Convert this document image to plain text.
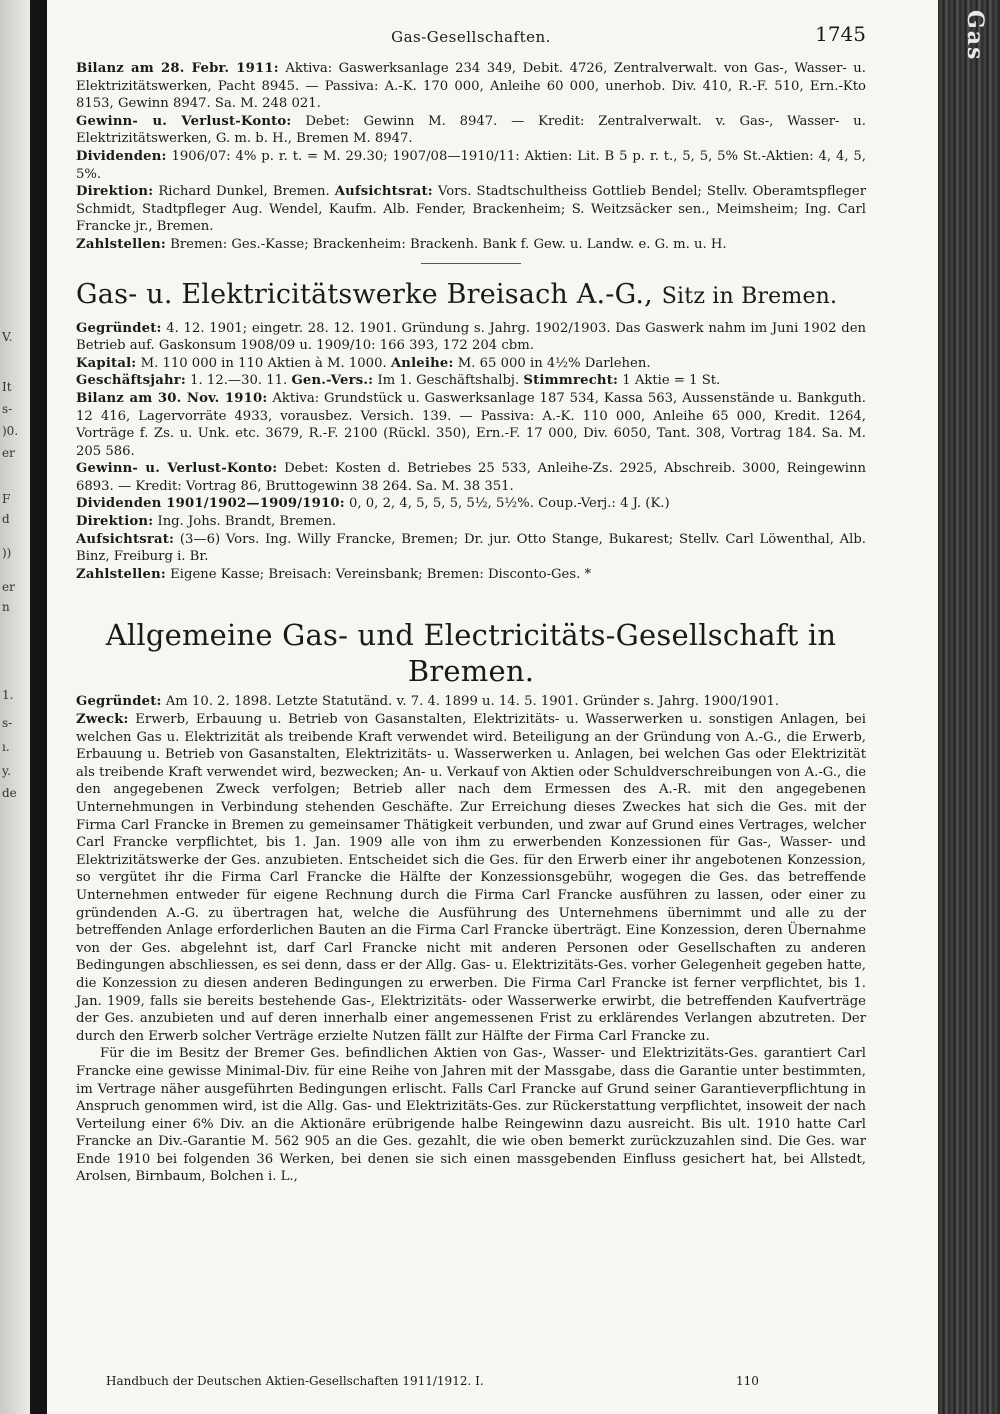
V.
It
s-
)0.
er
F
d
))
er
n
1.
s-
ı.
y.
de
Gas
Gas-Gesellschaften.	1745

Bilanz am 28. Febr. 1911: Aktiva: Gaswerksanlage 234 349, Debit. 4726, Zentralverwalt. von Gas-, Wasser- u. Elektrizitätswerken, Pacht 8945. — Passiva: A.-K. 170 000, Anleihe 60 000, unerhob. Div. 410, R.-F. 510, Ern.-Kto 8153, Gewinn 8947. Sa. M. 248 021.

Gewinn- u. Verlust-Konto: Debet: Gewinn M. 8947. — Kredit: Zentralverwalt. v. Gas-, Wasser- u. Elektrizitätswerken, G. m. b. H., Bremen M. 8947.

Dividenden: 1906/07: 4% p. r. t. = M. 29.30; 1907/08—1910/11: Aktien: Lit. B 5 p. r. t., 5, 5, 5% St.-Aktien: 4, 4, 5, 5%.

Direktion: Richard Dunkel, Bremen. Aufsichtsrat: Vors. Stadtschultheiss Gottlieb Bendel; Stellv. Oberamtspfleger Schmidt, Stadtpfleger Aug. Wendel, Kaufm. Alb. Fender, Brackenheim; S. Weitzsäcker sen., Meimsheim; Ing. Carl Francke jr., Bremen.

Zahlstellen: Bremen: Ges.-Kasse; Brackenheim: Brackenh. Bank f. Gew. u. Landw. e. G. m. u. H.

Gas- u. Elektricitätswerke Breisach A.-G., Sitz in Bremen.

Gegründet: 4. 12. 1901; eingetr. 28. 12. 1901. Gründung s. Jahrg. 1902/1903. Das Gaswerk nahm im Juni 1902 den Betrieb auf. Gaskonsum 1908/09 u. 1909/10: 166 393, 172 204 cbm.

Kapital: M. 110 000 in 110 Aktien à M. 1000. Anleihe: M. 65 000 in 4½% Darlehen.

Geschäftsjahr: 1. 12.—30. 11. Gen.-Vers.: Im 1. Geschäftshalbj. Stimmrecht: 1 Aktie = 1 St.

Bilanz am 30. Nov. 1910: Aktiva: Grundstück u. Gaswerksanlage 187 534, Kassa 563, Aussenstände u. Bankguth. 12 416, Lagervorräte 4933, vorausbez. Versich. 139. — Passiva: A.-K. 110 000, Anleihe 65 000, Kredit. 1264, Vorträge f. Zs. u. Unk. etc. 3679, R.-F. 2100 (Rückl. 350), Ern.-F. 17 000, Div. 6050, Tant. 308, Vortrag 184. Sa. M. 205 586.

Gewinn- u. Verlust-Konto: Debet: Kosten d. Betriebes 25 533, Anleihe-Zs. 2925, Abschreib. 3000, Reingewinn 6893. — Kredit: Vortrag 86, Bruttogewinn 38 264. Sa. M. 38 351.

Dividenden 1901/1902—1909/1910: 0, 0, 2, 4, 5, 5, 5, 5½, 5½%. Coup.-Verj.: 4 J. (K.)

Direktion: Ing. Johs. Brandt, Bremen.

Aufsichtsrat: (3—6) Vors. Ing. Willy Francke, Bremen; Dr. jur. Otto Stange, Bukarest; Stellv. Carl Löwenthal, Alb. Binz, Freiburg i. Br.

Zahlstellen: Eigene Kasse; Breisach: Vereinsbank; Bremen: Disconto-Ges. *

Allgemeine Gas- und Electricitäts-Gesellschaft in Bremen.

Gegründet: Am 10. 2. 1898. Letzte Statutänd. v. 7. 4. 1899 u. 14. 5. 1901. Gründer s. Jahrg. 1900/1901.

Zweck: Erwerb, Erbauung u. Betrieb von Gasanstalten, Elektrizitäts- u. Wasserwerken u. sonstigen Anlagen, bei welchen Gas u. Elektrizität als treibende Kraft verwendet wird. Beteiligung an der Gründung von A.-G., die Erwerb, Erbauung u. Betrieb von Gasanstalten, Elektrizitäts- u. Wasserwerken u. Anlagen, bei welchen Gas oder Elektrizität als treibende Kraft verwendet wird, bezwecken; An- u. Verkauf von Aktien oder Schuldverschreibungen von A.-G., die den angegebenen Zweck verfolgen; Betrieb aller nach dem Ermessen des A.-R. mit den angegebenen Unternehmungen in Verbindung stehenden Geschäfte. Zur Erreichung dieses Zweckes hat sich die Ges. mit der Firma Carl Francke in Bremen zu gemeinsamer Thätigkeit verbunden, und zwar auf Grund eines Vertrages, welcher Carl Francke verpflichtet, bis 1. Jan. 1909 alle von ihm zu erwerbenden Konzessionen für Gas-, Wasser- und Elektrizitätswerke der Ges. anzubieten. Entscheidet sich die Ges. für den Erwerb einer ihr angebotenen Konzession, so vergütet ihr die Firma Carl Francke die Hälfte der Konzessionsgebühr, wogegen die Ges. das betreffende Unternehmen entweder für eigene Rechnung durch die Firma Carl Francke ausführen zu lassen, oder einer zu gründenden A.-G. zu übertragen hat, welche die Ausführung des Unternehmens übernimmt und alle zu der betreffenden Anlage erforderlichen Bauten an die Firma Carl Francke überträgt. Eine Konzession, deren Übernahme von der Ges. abgelehnt ist, darf Carl Francke nicht mit anderen Personen oder Gesellschaften zu anderen Bedingungen abschliessen, es sei denn, dass er der Allg. Gas- u. Elektrizitäts-Ges. vorher Gelegenheit gegeben hatte, die Konzession zu diesen anderen Bedingungen zu erwerben. Die Firma Carl Francke ist ferner verpflichtet, bis 1. Jan. 1909, falls sie bereits bestehende Gas-, Elektrizitäts- oder Wasserwerke erwirbt, die betreffenden Kaufverträge der Ges. anzubieten und auf deren innerhalb einer angemessenen Frist zu erklärendes Verlangen abzutreten. Der durch den Erwerb solcher Verträge erzielte Nutzen fällt zur Hälfte der Firma Carl Francke zu.

Für die im Besitz der Bremer Ges. befindlichen Aktien von Gas-, Wasser- und Elektrizitäts-Ges. garantiert Carl Francke eine gewisse Minimal-Div. für eine Reihe von Jahren mit der Massgabe, dass die Garantie unter bestimmten, im Vertrage näher ausgeführten Bedingungen erlischt. Falls Carl Francke auf Grund seiner Garantieverpflichtung in Anspruch genommen wird, ist die Allg. Gas- und Elektrizitäts-Ges. zur Rückerstattung verpflichtet, insoweit der nach Verteilung einer 6% Div. an die Aktionäre erübrigende halbe Reingewinn dazu ausreicht. Bis ult. 1910 hatte Carl Francke an Div.-Garantie M. 562 905 an die Ges. gezahlt, die wie oben bemerkt zurückzuzahlen sind. Die Ges. war Ende 1910 bei folgenden 36 Werken, bei denen sie sich einen massgebenden Einfluss gesichert hat, bei Allstedt, Arolsen, Birnbaum, Bolchen i. L.,

Handbuch der Deutschen Aktien-Gesellschaften 1911/1912. I.	110
